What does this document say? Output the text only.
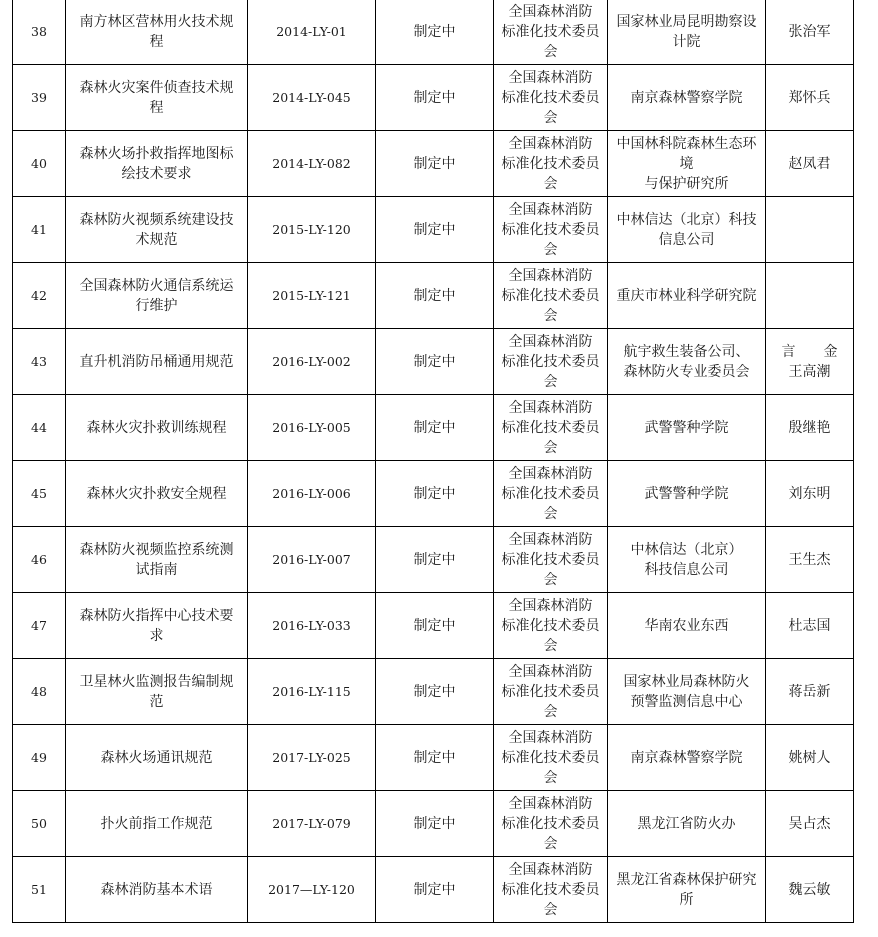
38	南方林区营林用火技术规
程	2014-LY-01	制定中	全国森林消防
标准化技术委员
会	国家林业局昆明勘察设
计院	张治军
39	森林火灾案件侦查技术规
程	2014-LY-045	制定中	全国森林消防
标准化技术委员
会	南京森林警察学院	郑怀兵
40	森林火场扑救指挥地图标
绘技术要求	2014-LY-082	制定中	全国森林消防
标准化技术委员
会	中国林科院森林生态环
境
与保护研究所	赵凤君
41	森林防火视频系统建设技
术规范	2015-LY-120	制定中	全国森林消防
标准化技术委员
会	中林信达（北京）科技
信息公司	
42	全国森林防火通信系统运
行维护	2015-LY-121	制定中	全国森林消防
标准化技术委员
会	重庆市林业科学研究院	
43	直升机消防吊桶通用规范	2016-LY-002	制定中	全国森林消防
标准化技术委员
会	航宇救生装备公司、
森林防火专业委员会	言　　金
王高潮
44	森林火灾扑救训练规程	2016-LY-005	制定中	全国森林消防
标准化技术委员
会	武警警种学院	殷继艳
45	森林火灾扑救安全规程	2016-LY-006	制定中	全国森林消防
标准化技术委员
会	武警警种学院	刘东明
46	森林防火视频监控系统测
试指南	2016-LY-007	制定中	全国森林消防
标准化技术委员
会	中林信达（北京）
科技信息公司	王生杰
47	森林防火指挥中心技术要
求	2016-LY-033	制定中	全国森林消防
标准化技术委员
会	华南农业东西	杜志国
48	卫星林火监测报告编制规
范	2016-LY-115	制定中	全国森林消防
标准化技术委员
会	国家林业局森林防火
预警监测信息中心	蒋岳新
49	森林火场通讯规范	2017-LY-025	制定中	全国森林消防
标准化技术委员
会	南京森林警察学院	姚树人
50	扑火前指工作规范	2017-LY-079	制定中	全国森林消防
标准化技术委员
会	黑龙江省防火办	吴占杰
51	森林消防基本术语	2017—LY-120	制定中	全国森林消防
标准化技术委员
会	黑龙江省森林保护研究
所	魏云敏
